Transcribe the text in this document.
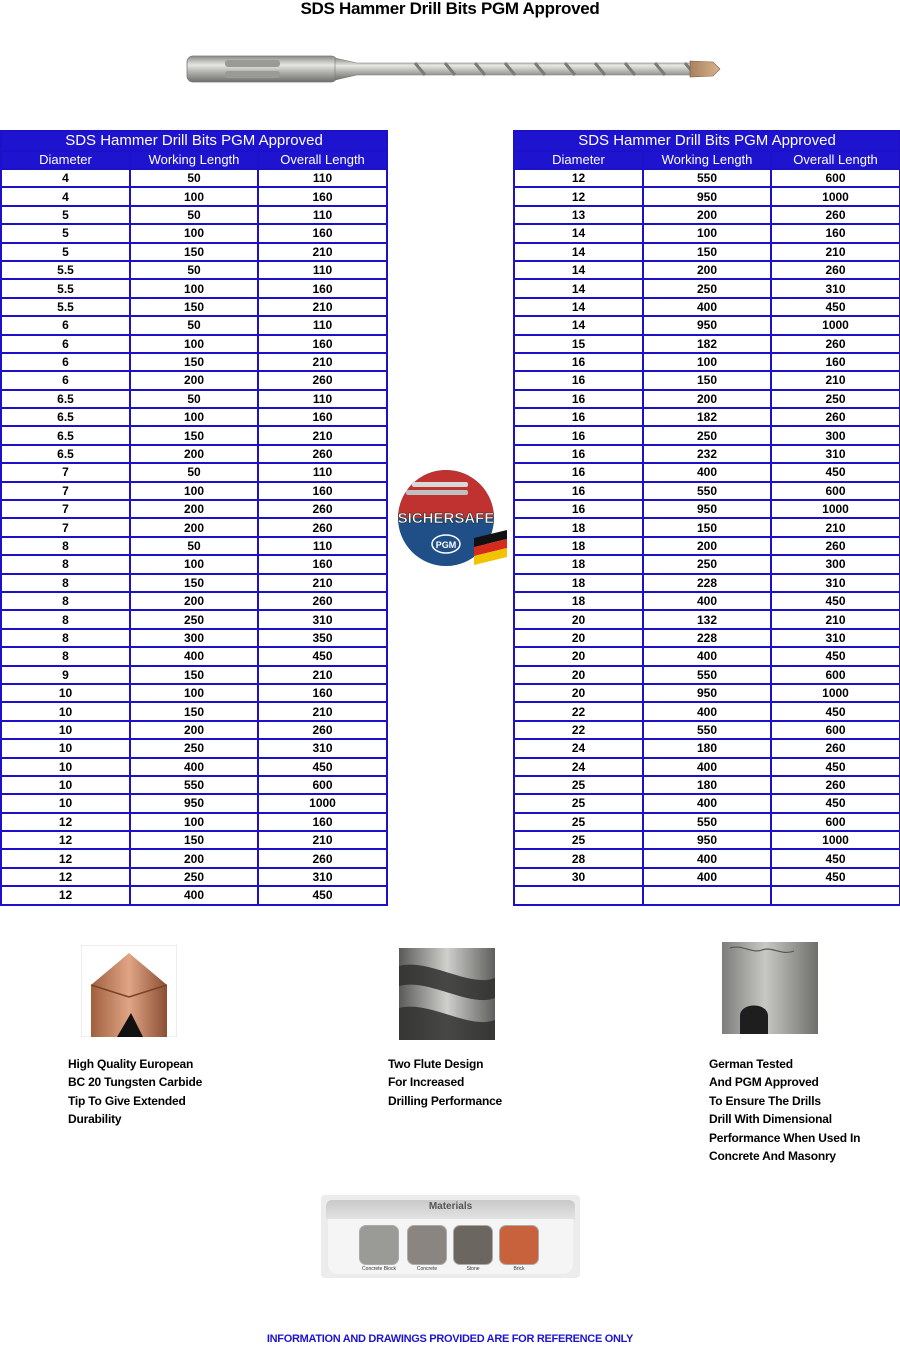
SDS Hammer Drill Bits PGM Approved
SDS Hammer Drill Bits PGM Approved		
Diameter	Working Length	Overall Length
4	50	110
4	100	160
5	50	110
5	100	160
5	150	210
5.5	50	110
5.5	100	160
5.5	150	210
6	50	110
6	100	160
6	150	210
6	200	260
6.5	50	110
6.5	100	160
6.5	150	210
6.5	200	260
7	50	110
7	100	160
7	200	260
7	200	260
8	50	110
8	100	160
8	150	210
8	200	260
8	250	310
8	300	350
8	400	450
9	150	210
10	100	160
10	150	210
10	200	260
10	250	310
10	400	450
10	550	600
10	950	1000
12	100	160
12	150	210
12	200	260
12	250	310
12	400	450
SDS Hammer Drill Bits PGM Approved		
Diameter	Working Length	Overall Length
12	550	600
12	950	1000
13	200	260
14	100	160
14	150	210
14	200	260
14	250	310
14	400	450
14	950	1000
15	182	260
16	100	160
16	150	210
16	200	250
16	182	260
16	250	300
16	232	310
16	400	450
16	550	600
16	950	1000
18	150	210
18	200	260
18	250	300
18	228	310
18	400	450
20	132	210
20	228	310
20	400	450
20	550	600
20	950	1000
22	400	450
22	550	600
24	180	260
24	400	450
25	180	260
25	400	450
25	550	600
25	950	1000
28	400	450
30	400	450

SICHERSAFE
PGM
High Quality European
BC 20 Tungsten Carbide
Tip To Give Extended
Durability
Two Flute Design
For Increased
Drilling Performance
German Tested
And PGM Approved
To Ensure The Drills
Drill With Dimensional
Performance When Used In
Concrete And Masonry
Materials
Concrete Block	Concrete	Stone	Brick
INFORMATION AND DRAWINGS PROVIDED ARE FOR REFERENCE ONLY
